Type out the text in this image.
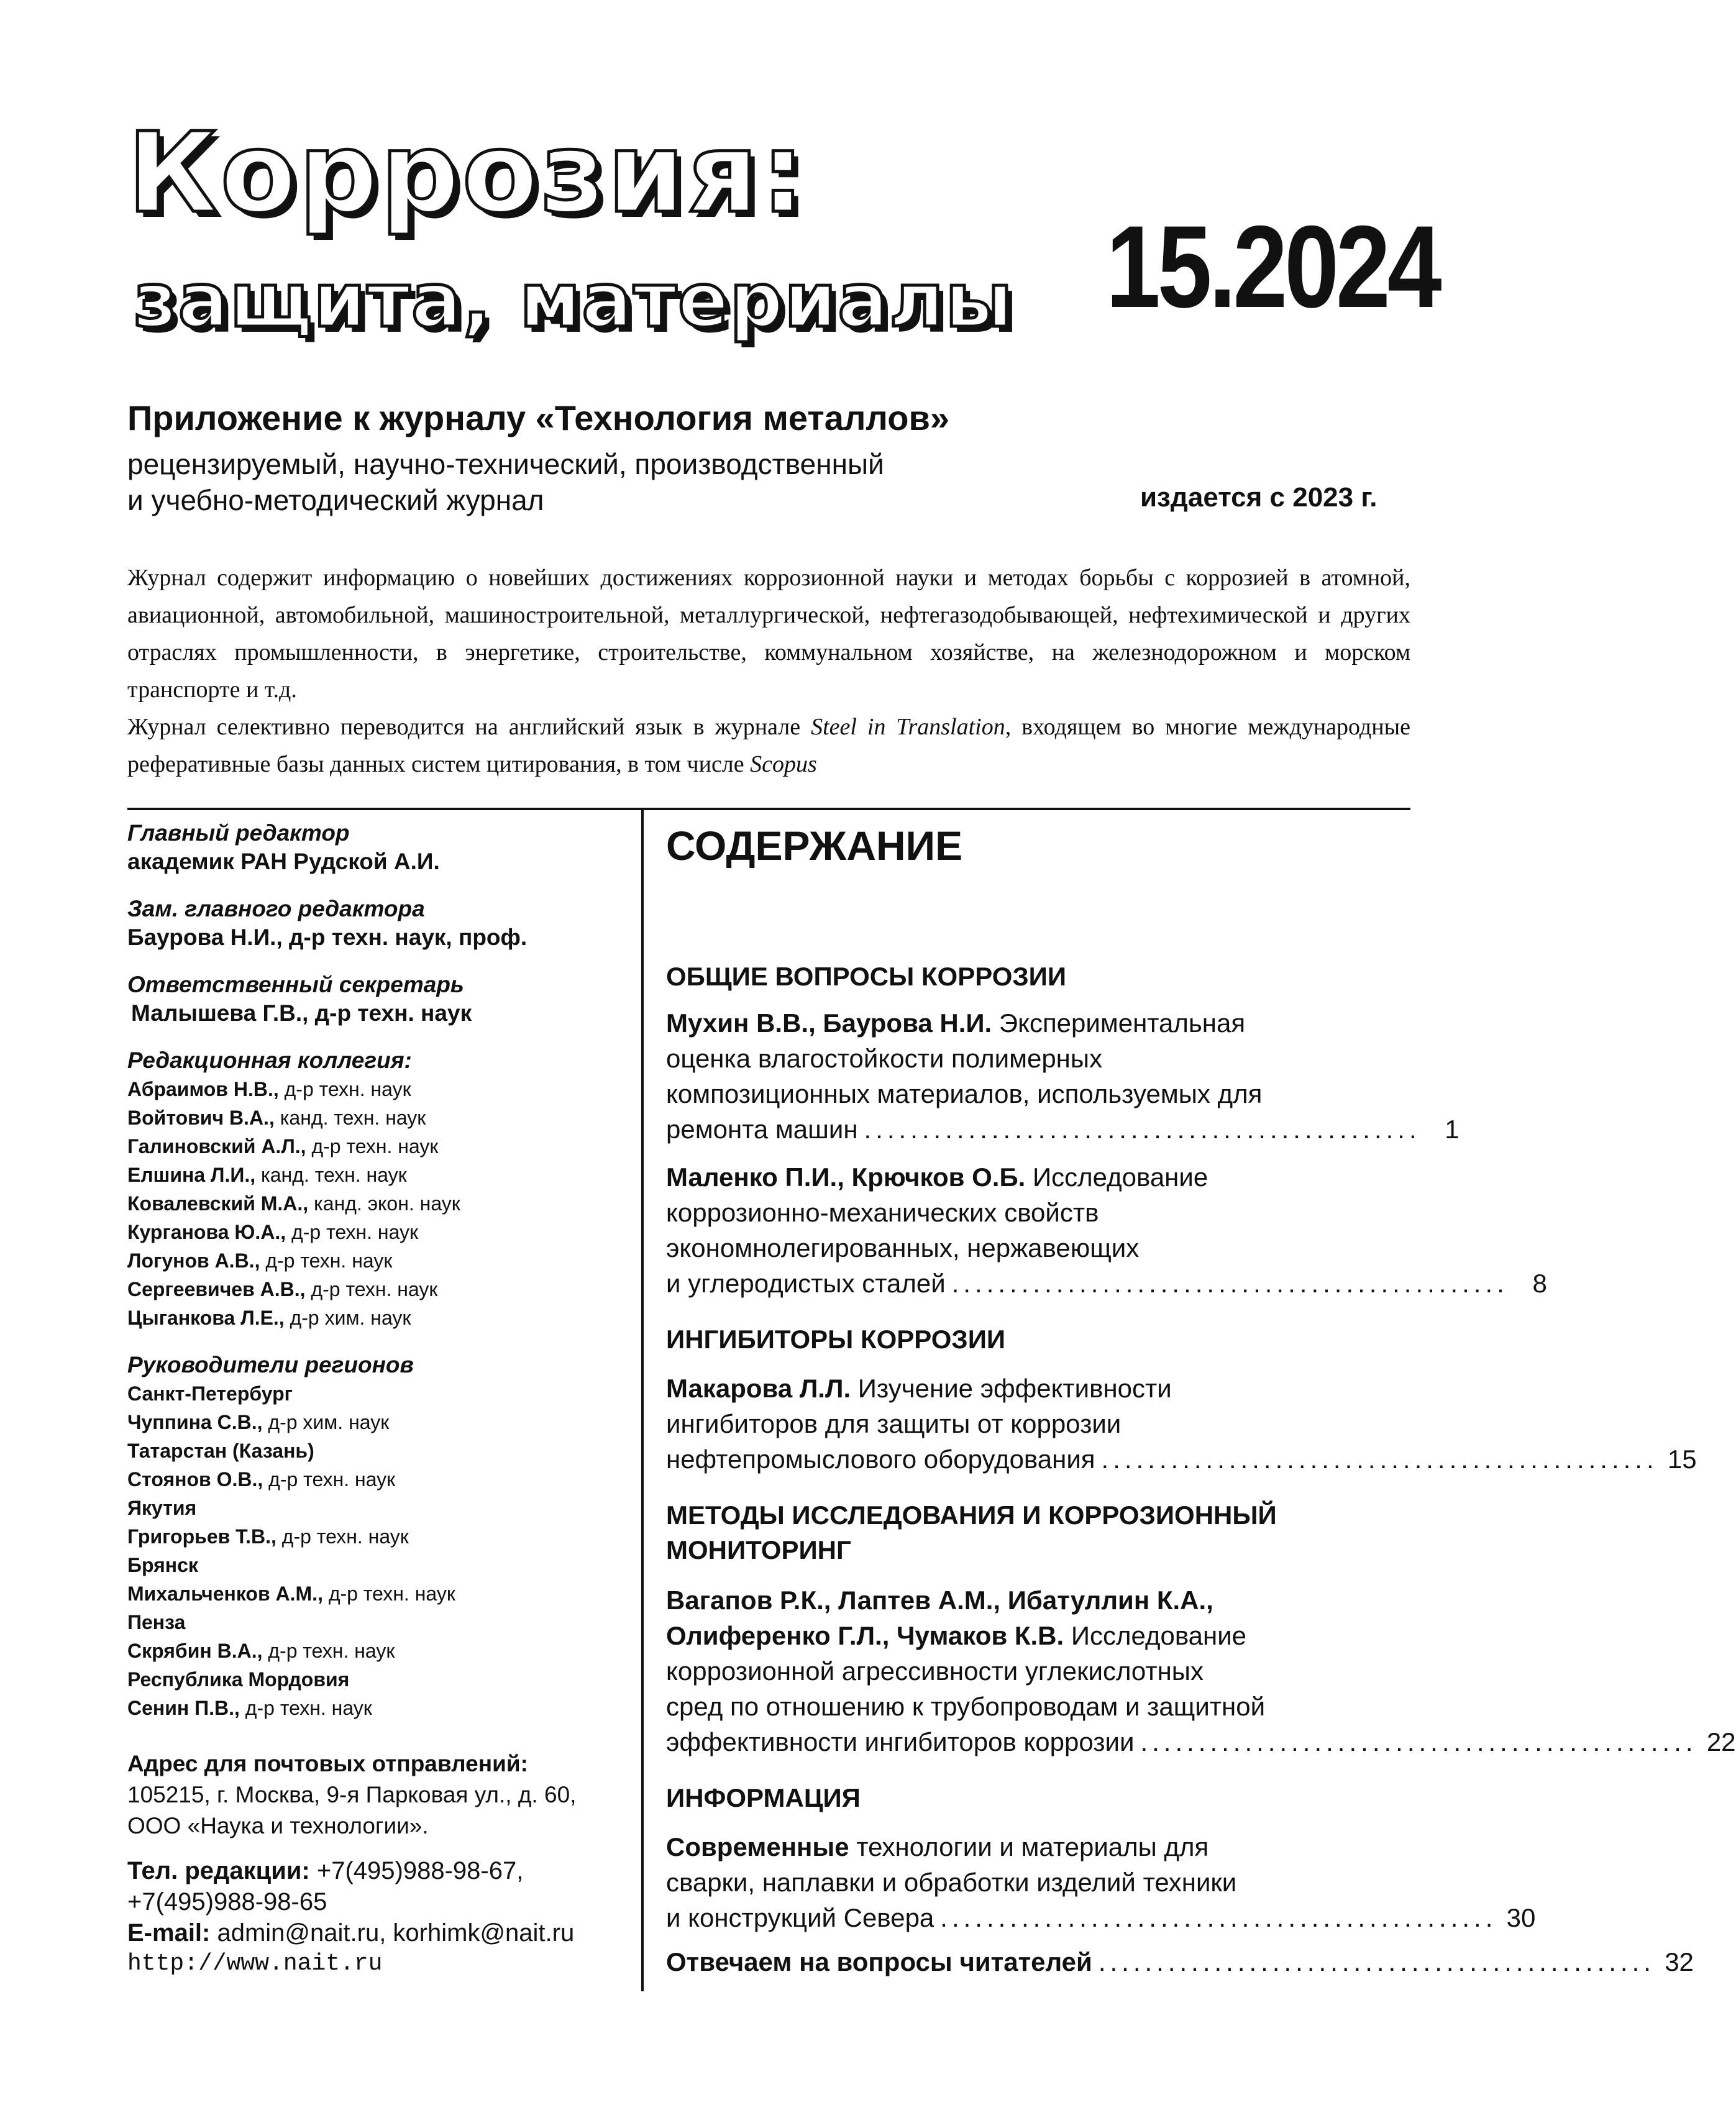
Коррозия:
защита, материалы 15.2024
Приложение к журналу «Технология металлов»
рецензируемый, научно-технический, производственный
и учебно-методический журнал	издается с 2023 г.
Журнал содержит информацию о новейших достижениях коррозионной науки и методах борьбы с коррозией в атомной, авиационной, автомобильной, машиностроительной, металлургической, нефтегазодобывающей, нефтехимической и других отраслях промышленности, в энергетике, строительстве, коммунальном хозяйстве, на железнодорожном и морском транспорте и т.д.
Журнал селективно переводится на английский язык в журнале Steel in Translation, входящем во многие международные реферативные базы данных систем цитирования, в том числе Scopus
Главный редактор
академик РАН Рудской А.И.
Зам. главного редактора
Баурова Н.И., д-р техн. наук, проф.
Ответственный секретарь
Малышева Г.В., д-р техн. наук
Редакционная коллегия:
Абраимов Н.В., д-р техн. наук
Войтович В.А., канд. техн. наук
Галиновский А.Л., д-р техн. наук
Елшина Л.И., канд. техн. наук
Ковалевский М.А., канд. экон. наук
Курганова Ю.А., д-р техн. наук
Логунов А.В., д-р техн. наук
Сергеевичев А.В., д-р техн. наук
Цыганкова Л.Е., д-р хим. наук
Руководители регионов
Санкт-Петербург
Чуппина С.В., д-р хим. наук
Татарстан (Казань)
Стоянов О.В., д-р техн. наук
Якутия
Григорьев Т.В., д-р техн. наук
Брянск
Михальченков А.М., д-р техн. наук
Пенза
Скрябин В.А., д-р техн. наук
Республика Мордовия
Сенин П.В., д-р техн. наук
Адрес для почтовых отправлений:
105215, г. Москва, 9-я Парковая ул., д. 60,
ООО «Наука и технологии».
Тел. редакции: +7(495)988-98-67,
+7(495)988-98-65
E-mail: admin@nait.ru, korhimk@nait.ru
http://www.nait.ru
СОДЕРЖАНИЕ
ОБЩИЕ ВОПРОСЫ КОРРОЗИИ
Мухин В.В., Баурова Н.И. Экспериментальная
оценка влагостойкости полимерных
композиционных материалов, используемых для
ремонта машин ................................................ 1
Маленко П.И., Крючков О.Б. Исследование
коррозионно-механических свойств
экономнолегированных, нержавеющих
и углеродистых сталей ................................................ 8
ИНГИБИТОРЫ КОРРОЗИИ
Макарова Л.Л. Изучение эффективности
ингибиторов для защиты от коррозии
нефтепромыслового оборудования ................................................ 15
МЕТОДЫ ИССЛЕДОВАНИЯ И КОРРОЗИОННЫЙ
МОНИТОРИНГ
Вагапов Р.К., Лаптев А.М., Ибатуллин К.А.,
Олиференко Г.Л., Чумаков К.В. Исследование
коррозионной агрессивности углекислотных
сред по отношению к трубопроводам и защитной
эффективности ингибиторов коррозии ................................................ 22
ИНФОРМАЦИЯ
Современные технологии и материалы для
сварки, наплавки и обработки изделий техники
и конструкций Севера ................................................ 30
Отвечаем на вопросы читателей ................................................ 32
